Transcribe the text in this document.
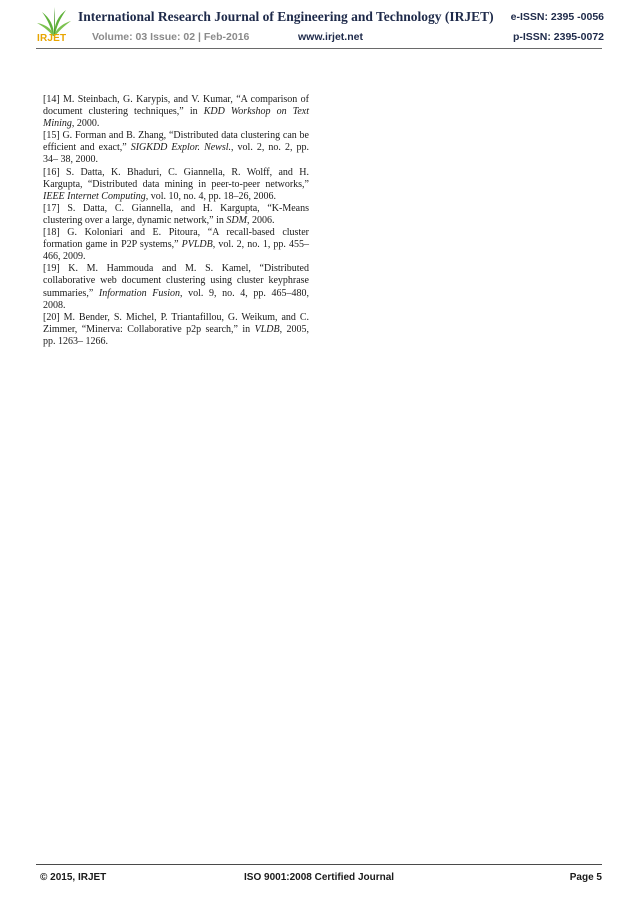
IRJET
International Research Journal of Engineering and Technology (IRJET) e-ISSN: 2395 -0056
Volume: 03 Issue: 02 | Feb-2016	www.irjet.net	p-ISSN: 2395-0072

[14] M. Steinbach, G. Karypis, and V. Kumar, “A comparison of document clustering techniques,” in KDD Workshop on Text Mining, 2000.

[15] G. Forman and B. Zhang, “Distributed data clustering can be efficient and exact,” SIGKDD Explor. Newsl., vol. 2, no. 2, pp. 34– 38, 2000.

[16] S. Datta, K. Bhaduri, C. Giannella, R. Wolff, and H. Kargupta, “Distributed data mining in peer-to-peer networks,” IEEE Internet Computing, vol. 10, no. 4, pp. 18–26, 2006.

[17] S. Datta, C. Giannella, and H. Kargupta, “K-Means clustering over a large, dynamic network,” in SDM, 2006.

[18] G. Koloniari and E. Pitoura, “A recall-based cluster formation game in P2P systems,” PVLDB, vol. 2, no. 1, pp. 455–466, 2009.

[19] K. M. Hammouda and M. S. Kamel, “Distributed collaborative web document clustering using cluster keyphrase summaries,” Information Fusion, vol. 9, no. 4, pp. 465–480, 2008.

[20] M. Bender, S. Michel, P. Triantafillou, G. Weikum, and C. Zimmer, “Minerva: Collaborative p2p search,” in VLDB, 2005, pp. 1263– 1266.

© 2015, IRJET	ISO 9001:2008 Certified Journal	Page 5
